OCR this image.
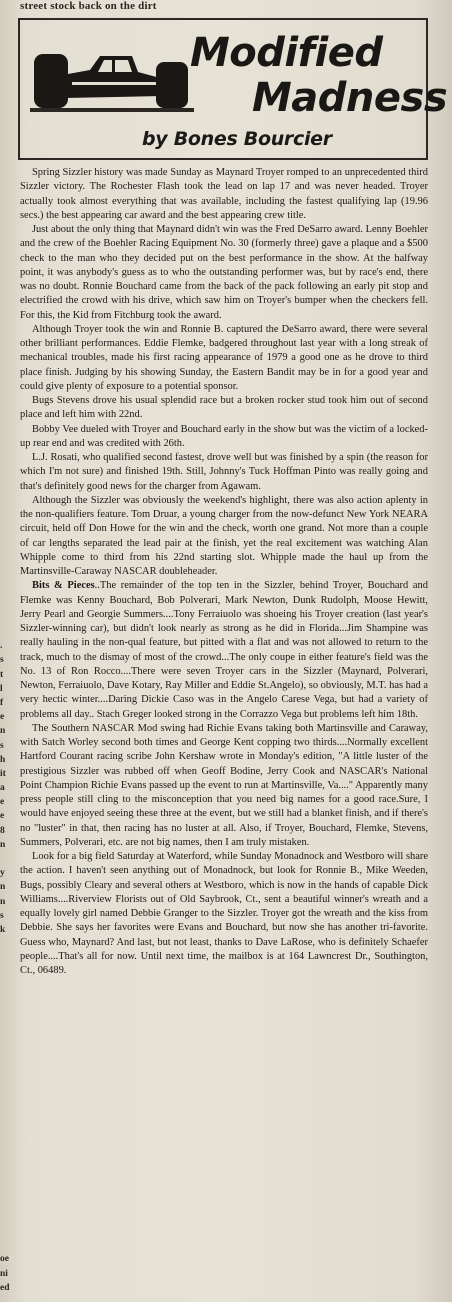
street stock back on the dirt
Modified
Madness
by Bones Bourcier
.
s
t
l
f
e
n
s
h
it
a
e
e
8
n
y
n
n
s
k
oe
ni
ed

Spring Sizzler history was made Sunday as Maynard Troyer romped to an unprecedented third Sizzler victory. The Rochester Flash took the lead on lap 17 and was never headed. Troyer actually took almost everything that was available, including the fastest qualifying lap (19.96 secs.) the best appearing car award and the best appearing crew title.

Just about the only thing that Maynard didn't win was the Fred DeSarro award. Lenny Boehler and the crew of the Boehler Racing Equipment No. 30 (formerly three) gave a plaque and a $500 check to the man who they decided put on the best performance in the show. At the halfway point, it was anybody's guess as to who the outstanding performer was, but by race's end, there was no doubt. Ronnie Bouchard came from the back of the pack following an early pit stop and electrified the crowd with his drive, which saw him on Troyer's bumper when the checkers fell. For this, the Kid from Fitchburg took the award.

Although Troyer took the win and Ronnie B. captured the DeSarro award, there were several other brilliant performances. Eddie Flemke, badgered throughout last year with a long streak of mechanical troubles, made his first racing appearance of 1979 a good one as he drove to third place finish. Judging by his showing Sunday, the Eastern Bandit may be in for a good year and could give plenty of exposure to a potential sponsor.

Bugs Stevens drove his usual splendid race but a broken rocker stud took him out of second place and left him with 22nd.

Bobby Vee dueled with Troyer and Bouchard early in the show but was the victim of a locked-up rear end and was credited with 26th.

L.J. Rosati, who qualified second fastest, drove well but was finished by a spin (the reason for which I'm not sure) and finished 19th. Still, Johnny's Tuck Hoffman Pinto was really going and that's definitely good news for the charger from Agawam.

Although the Sizzler was obviously the weekend's highlight, there was also action aplenty in the non-qualifiers feature. Tom Druar, a young charger from the now-defunct New York NEARA circuit, held off Don Howe for the win and the check, worth one grand. Not more than a couple of car lengths separated the lead pair at the finish, yet the real excitement was watching Alan Whipple come to third from his 22nd starting slot. Whipple made the haul up from the Martinsville-Caraway NASCAR doubleheader.

Bits & Pieces..The remainder of the top ten in the Sizzler, behind Troyer, Bouchard and Flemke was Kenny Bouchard, Bob Polverari, Mark Newton, Dunk Rudolph, Moose Hewitt, Jerry Pearl and Georgie Summers....Tony Ferraiuolo was shoeing his Troyer creation (last year's Sizzler-winning car), but didn't look nearly as strong as he did in Florida...Jim Shampine was really hauling in the non-qual feature, but pitted with a flat and was not allowed to return to the track, much to the dismay of most of the crowd...The only coupe in either feature's field was the No. 13 of Ron Rocco....There were seven Troyer cars in the Sizzler (Maynard, Polverari, Newton, Ferraiuolo, Dave Kotary, Ray Miller and Eddie St.Angelo), so obviously, M.T. has had a very hectic winter....Daring Dickie Caso was in the Angelo Carese Vega, but had a variety of problems all day.. Stach Greger looked strong in the Corrazzo Vega but problems left him 18th.

The Southern NASCAR Mod swing had Richie Evans taking both Martinsville and Caraway, with Satch Worley second both times and George Kent copping two thirds....Normally excellent Hartford Courant racing scribe John Kershaw wrote in Monday's edition, "A little luster of the prestigious Sizzler was rubbed off when Geoff Bodine, Jerry Cook and NASCAR's National Point Champion Richie Evans passed up the event to run at Martinsville, Va...." Apparently many press people still cling to the misconception that you need big names for a good race.Sure, I would have enjoyed seeing these three at the event, but we still had a blanket finish, and if there's no "luster" in that, then racing has no luster at all. Also, if Troyer, Bouchard, Flemke, Stevens, Summers, Polverari, etc. are not big names, then I am truly mistaken.

Look for a big field Saturday at Waterford, while Sunday Monadnock and Westboro will share the action. I haven't seen anything out of Monadnock, but look for Ronnie B., Mike Weeden, Bugs, possibly Cleary and several others at Westboro, which is now in the hands of capable Dick Williams....Riverview Florists out of Old Saybrook, Ct., sent a beautiful winner's wreath and a equally lovely girl named Debbie Granger to the Sizzler. Troyer got the wreath and the kiss from Debbie. She says her favorites were Evans and Bouchard, but now she has another tri-favorite. Guess who, Maynard? And last, but not least, thanks to Dave LaRose, who is definitely Schaefer people....That's all for now. Until next time, the mailbox is at 164 Lawncrest Dr., Southington, Ct., 06489.
